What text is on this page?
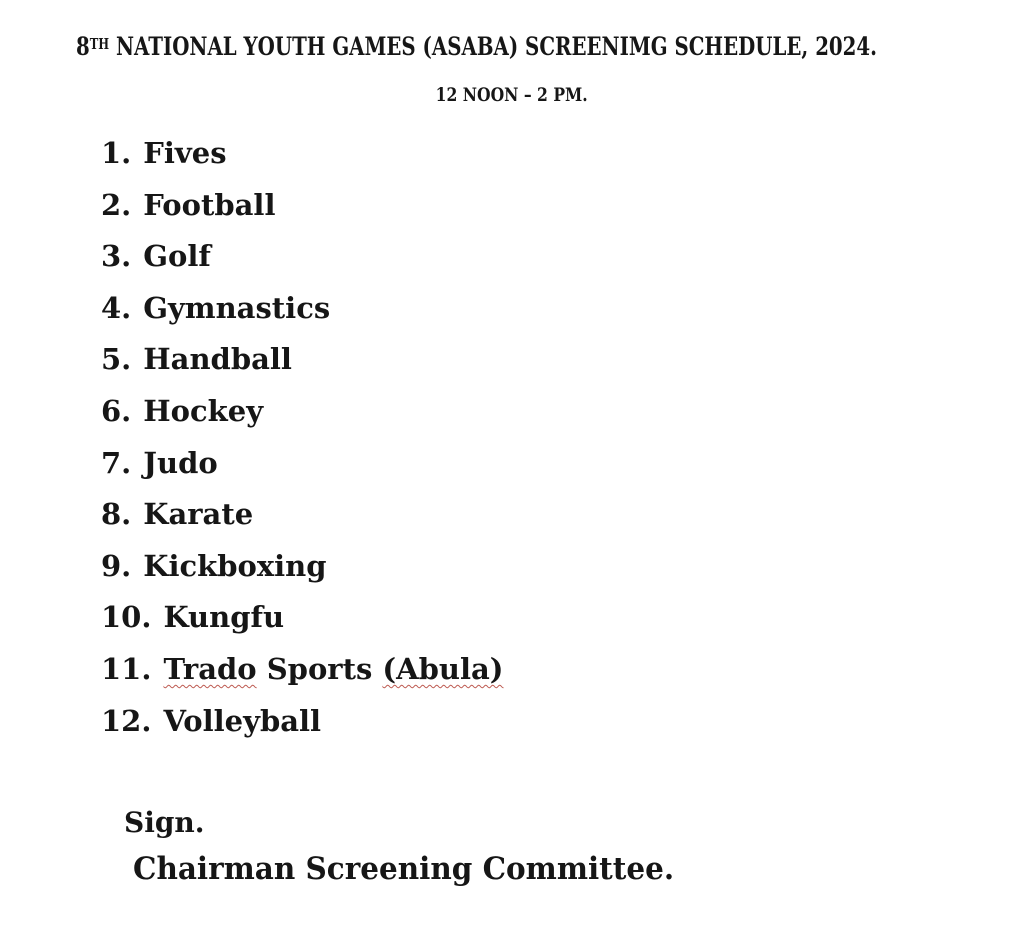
8TH NATIONAL YOUTH GAMES (ASABA) SCREENIMG SCHEDULE, 2024.
12 NOON – 2 PM.
1. Fives
2. Football
3. Golf
4. Gymnastics
5. Handball
6. Hockey
7. Judo
8. Karate
9. Kickboxing
10. Kungfu
11. Trado Sports (Abula)
12. Volleyball
Sign.
Chairman Screening Committee.
